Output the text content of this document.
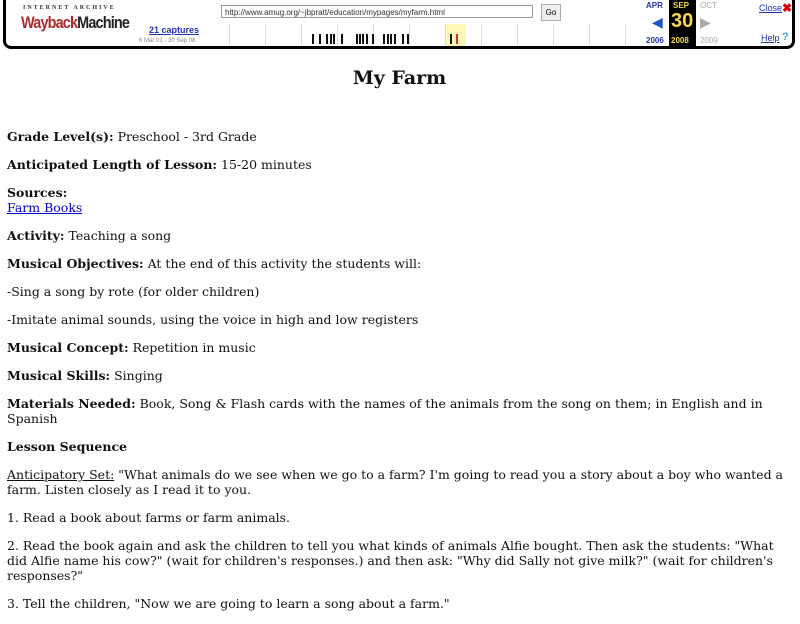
INTERNET ARCHIVE
WaybackMachine 21 captures
6 Mar 01 - 30 Sep 08
http://www.amug.org/~jbpratt/education/mypages/myfarm.html	Go
APR
◀
2006
SEP
30
2008
OCT
▶
2009
Close ✖
Help ?
My Farm

Grade Level(s): Preschool - 3rd Grade

Anticipated Length of Lesson: 15-20 minutes

Sources:
Farm Books

Activity: Teaching a song

Musical Objectives: At the end of this activity the students will:

-Sing a song by rote (for older children)

-Imitate animal sounds, using the voice in high and low registers

Musical Concept: Repetition in music

Musical Skills: Singing

Materials Needed: Book, Song & Flash cards with the names of the animals from the song on them; in English and in Spanish

Lesson Sequence

Anticipatory Set: "What animals do we see when we go to a farm? I'm going to read you a story about a boy who wanted a farm. Listen closely as I read it to you.

1. Read a book about farms or farm animals.

2. Read the book again and ask the children to tell you what kinds of animals Alfie bought. Then ask the students: "What did Alfie name his cow?" (wait for children's responses.) and then ask: "Why did Sally not give milk?" (wait for children's responses?"

3. Tell the children, "Now we are going to learn a song about a farm."
